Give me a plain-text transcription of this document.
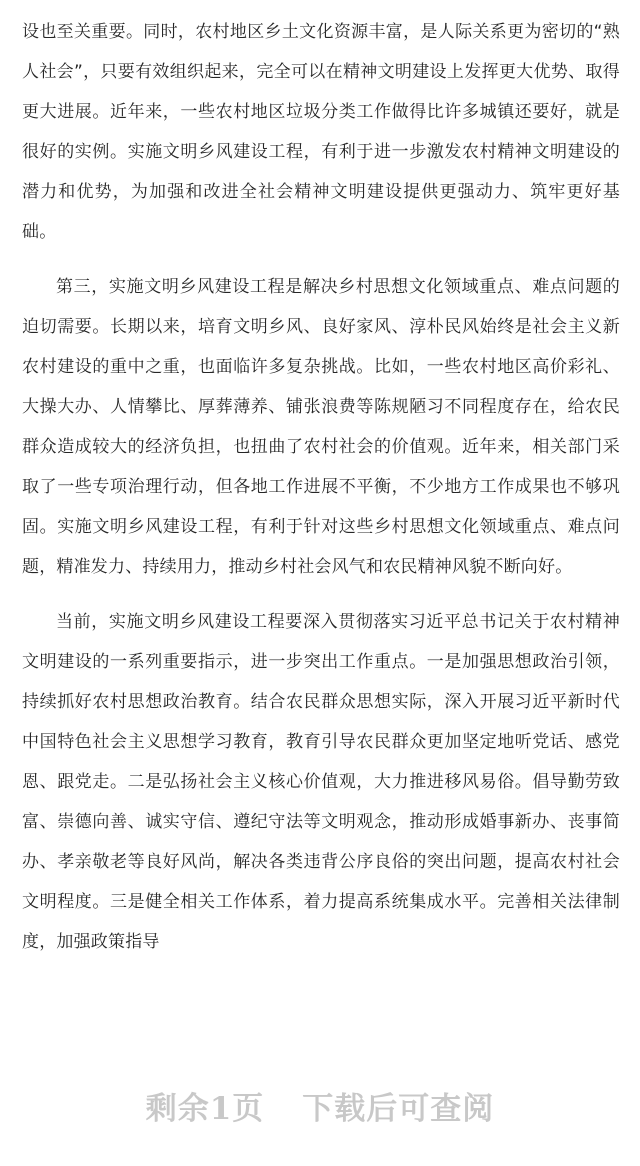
设也至关重要。同时，农村地区乡土文化资源丰富，是人际关系更为密切的“熟人社会”，只要有效组织起来，完全可以在精神文明建设上发挥更大优势、取得更大进展。近年来，一些农村地区垃圾分类工作做得比许多城镇还要好，就是很好的实例。实施文明乡风建设工程，有利于进一步激发农村精神文明建设的潜力和优势，为加强和改进全社会精神文明建设提供更强动力、筑牢更好基础。

第三，实施文明乡风建设工程是解决乡村思想文化领域重点、难点问题的迫切需要。长期以来，培育文明乡风、良好家风、淳朴民风始终是社会主义新农村建设的重中之重，也面临许多复杂挑战。比如，一些农村地区高价彩礼、大操大办、人情攀比、厚葬薄养、铺张浪费等陈规陋习不同程度存在，给农民群众造成较大的经济负担，也扭曲了农村社会的价值观。近年来，相关部门采取了一些专项治理行动，但各地工作进展不平衡，不少地方工作成果也不够巩固。实施文明乡风建设工程，有利于针对这些乡村思想文化领域重点、难点问题，精准发力、持续用力，推动乡村社会风气和农民精神风貌不断向好。

当前，实施文明乡风建设工程要深入贯彻落实习近平总书记关于农村精神文明建设的一系列重要指示，进一步突出工作重点。一是加强思想政治引领，持续抓好农村思想政治教育。结合农民群众思想实际，深入开展习近平新时代中国特色社会主义思想学习教育，教育引导农民群众更加坚定地听党话、感党恩、跟党走。二是弘扬社会主义核心价值观，大力推进移风易俗。倡导勤劳致富、崇德向善、诚实守信、遵纪守法等文明观念，推动形成婚事新办、丧事简办、孝亲敬老等良好风尚，解决各类违背公序良俗的突出问题，提高农村社会文明程度。三是健全相关工作体系，着力提高系统集成水平。完善相关法律制度，加强政策指导

剩余1页 下载后可查阅
